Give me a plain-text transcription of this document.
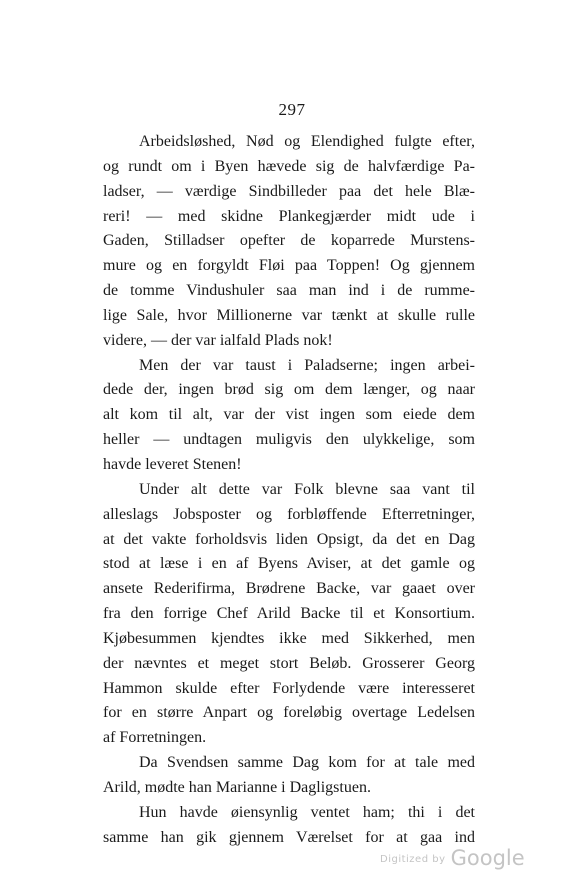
297
Arbeidsløshed, Nød og Elendighed fulgte efter,
og rundt om i Byen hævede sig de halvfærdige Pa-
ladser, — værdige Sindbilleder paa det hele Blæ-
reri! — med skidne Plankegjærder midt ude i
Gaden, Stilladser opefter de koparrede Murstens-
mure og en forgyldt Fløi paa Toppen! Og gjennem
de tomme Vindushuler saa man ind i de rumme-
lige Sale, hvor Millionerne var tænkt at skulle rulle
videre, — der var ialfald Plads nok!
Men der var taust i Paladserne; ingen arbei-
dede der, ingen brød sig om dem længer, og naar
alt kom til alt, var der vist ingen som eiede dem
heller — undtagen muligvis den ulykkelige, som
havde leveret Stenen!
Under alt dette var Folk blevne saa vant til
alleslags Jobsposter og forbløffende Efterretninger,
at det vakte forholdsvis liden Opsigt, da det en Dag
stod at læse i en af Byens Aviser, at det gamle og
ansete Rederifirma, Brødrene Backe, var gaaet over
fra den forrige Chef Arild Backe til et Konsortium.
Kjøbesummen kjendtes ikke med Sikkerhed, men
der nævntes et meget stort Beløb. Grosserer Georg
Hammon skulde efter Forlydende være interesseret
for en større Anpart og foreløbig overtage Ledelsen
af Forretningen.
Da Svendsen samme Dag kom for at tale med
Arild, mødte han Marianne i Dagligstuen.
Hun havde øiensynlig ventet ham; thi i det
samme han gik gjennem Værelset for at gaa ind
Digitized by Google
